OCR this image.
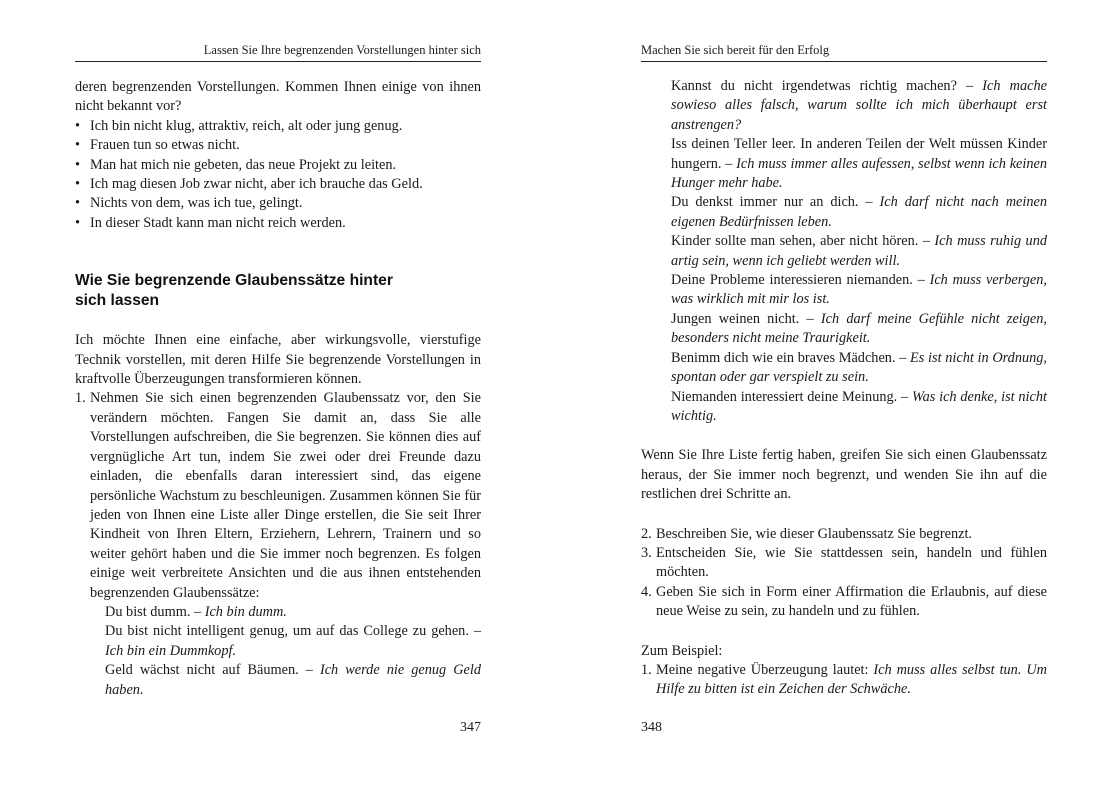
Lassen Sie Ihre begrenzenden Vorstellungen hinter sich

deren begrenzenden Vorstellungen. Kommen Ihnen einige von ihnen nicht bekannt vor?

• Ich bin nicht klug, attraktiv, reich, alt oder jung genug.
• Frauen tun so etwas nicht.
• Man hat mich nie gebeten, das neue Projekt zu leiten.
• Ich mag diesen Job zwar nicht, aber ich brauche das Geld.
• Nichts von dem, was ich tue, gelingt.
• In dieser Stadt kann man nicht reich werden.
Wie Sie begrenzende Glaubenssätze hinter
sich lassen

Ich möchte Ihnen eine einfache, aber wirkungsvolle, vierstufige Technik vorstellen, mit deren Hilfe Sie begrenzende Vorstellungen in kraftvolle Überzeugungen transformieren können.

1. Nehmen Sie sich einen begrenzenden Glaubenssatz vor, den Sie verändern möchten. Fangen Sie damit an, dass Sie alle Vorstellungen aufschreiben, die Sie begrenzen. Sie können dies auf vergnügliche Art tun, indem Sie zwei oder drei Freunde dazu einladen, die ebenfalls daran interessiert sind, das eigene persönliche Wachstum zu beschleunigen. Zusammen können Sie für jeden von Ihnen eine Liste aller Dinge erstellen, die Sie seit Ihrer Kindheit von Ihren Eltern, Erziehern, Lehrern, Trainern und so weiter gehört haben und die Sie immer noch begrenzen. Es folgen einige weit verbreitete Ansichten und die aus ihnen entstehenden begrenzenden Glaubenssätze:
Du bist dumm. – Ich bin dumm.
Du bist nicht intelligent genug, um auf das College zu gehen. – Ich bin ein Dummkopf.
Geld wächst nicht auf Bäumen. – Ich werde nie genug Geld haben.
347
Machen Sie sich bereit für den Erfolg
Kannst du nicht irgendetwas richtig machen? – Ich mache sowieso alles falsch, warum sollte ich mich überhaupt erst anstrengen?
Iss deinen Teller leer. In anderen Teilen der Welt müssen Kinder hungern. – Ich muss immer alles aufessen, selbst wenn ich keinen Hunger mehr habe.
Du denkst immer nur an dich. – Ich darf nicht nach meinen eigenen Bedürfnissen leben.
Kinder sollte man sehen, aber nicht hören. – Ich muss ruhig und artig sein, wenn ich geliebt werden will.
Deine Probleme interessieren niemanden. – Ich muss verbergen, was wirklich mit mir los ist.
Jungen weinen nicht. – Ich darf meine Gefühle nicht zeigen, besonders nicht meine Traurigkeit.
Benimm dich wie ein braves Mädchen. – Es ist nicht in Ordnung, spontan oder gar verspielt zu sein.
Niemanden interessiert deine Meinung. – Was ich denke, ist nicht wichtig.

Wenn Sie Ihre Liste fertig haben, greifen Sie sich einen Glaubenssatz heraus, der Sie immer noch begrenzt, und wenden Sie ihn auf die restlichen drei Schritte an.

2. Beschreiben Sie, wie dieser Glaubenssatz Sie begrenzt.
3. Entscheiden Sie, wie Sie stattdessen sein, handeln und fühlen möchten.
4. Geben Sie sich in Form einer Affirmation die Erlaubnis, auf diese neue Weise zu sein, zu handeln und zu fühlen.

Zum Beispiel:

1. Meine negative Überzeugung lautet: Ich muss alles selbst tun. Um Hilfe zu bitten ist ein Zeichen der Schwäche.
348
